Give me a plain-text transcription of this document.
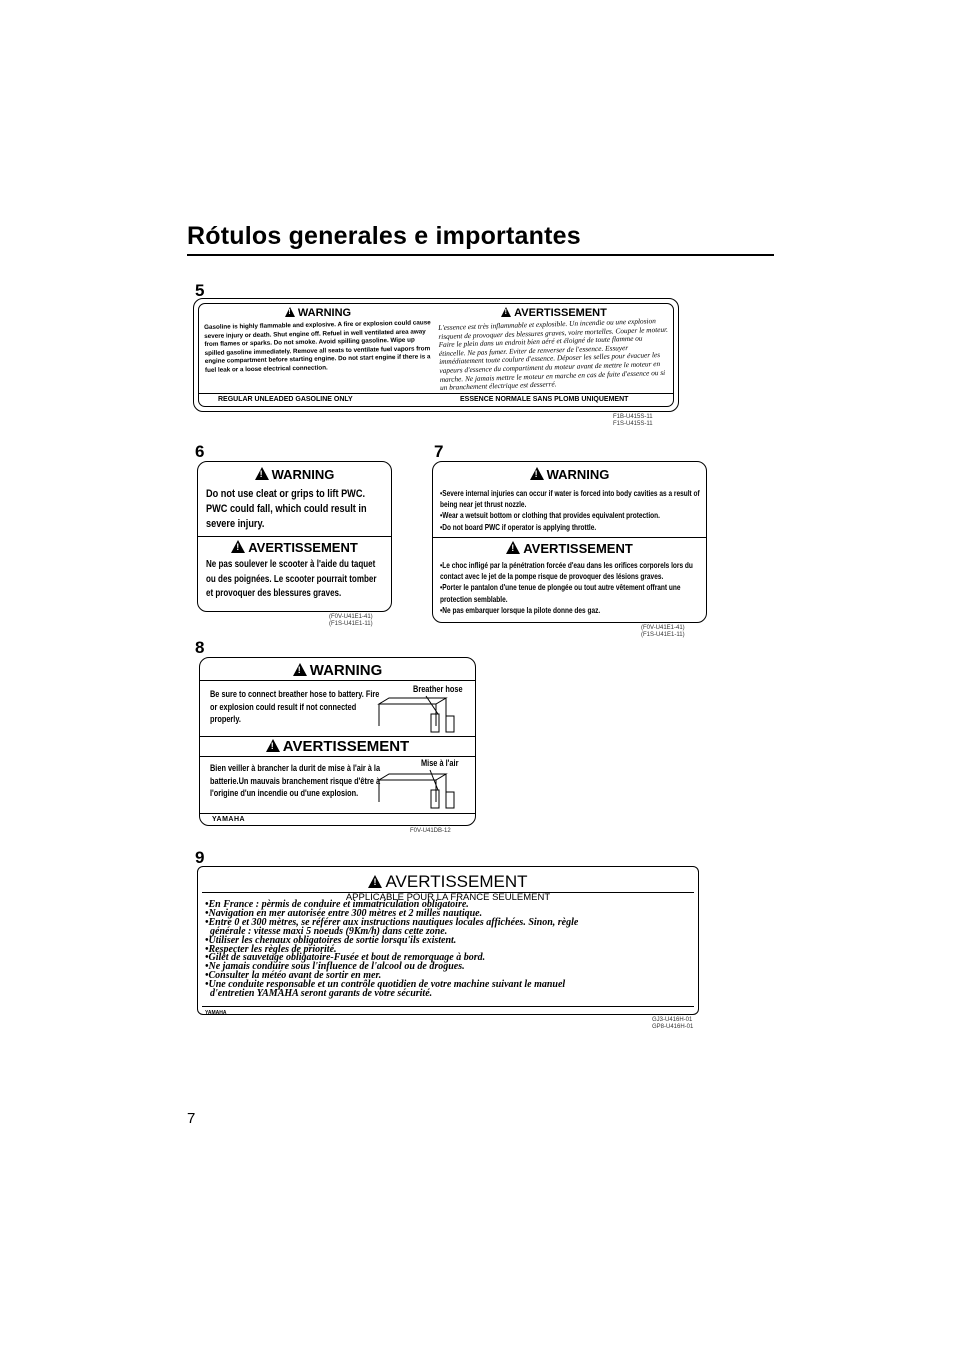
Rótulos generales e importantes
5
!WARNING
Gasoline is highly flammable and explosive. A fire or explosion could cause severe injury or death. Shut engine off. Refuel in well ventilated area away from flames or sparks. Do not smoke. Avoid spilling gasoline. Wipe up spilled gasoline immediately. Remove all seats to ventilate fuel vapors from engine compartment before starting engine. Do not start engine if there is a fuel leak or a loose electrical connection.
!AVERTISSEMENT
L'essence est très inflammable et explosible. Un incendie ou une explosion risquent de provoquer des blessures graves, voire mortelles. Couper le moteur. Faire le plein dans un endroit bien aéré et éloigné de toute flamme ou étincelle. Ne pas fumer. Eviter de renverser de l'essence. Essuyer immédiatement toute coulure d'essence. Déposer les selles pour évacuer les vapeurs d'essence du compartiment du moteur avant de mettre le moteur en marche. Ne jamais mettre le moteur en marche en cas de fuite d'essence ou si un branchement électrique est desserré.
REGULAR UNLEADED GASOLINE ONLY	ESSENCE NORMALE SANS PLOMB UNIQUEMENT
F1B-U415S-11
F1S-U415S-11
6
!WARNING
Do not use cleat or grips to lift PWC. PWC could fall, which could result in severe injury.
!AVERTISSEMENT
Ne pas soulever le scooter à l'aide du taquet ou des poignées. Le scooter pourrait tomber et provoquer des blessures graves.
(F0V-U41E1-41)
(F1S-U41E1-11)
7
!WARNING

•Severe internal injuries can occur if water is forced into body cavities as a result of being near jet thrust nozzle.

•Wear a wetsuit bottom or clothing that provides equivalent protection.

•Do not board PWC if operator is applying throttle.

!AVERTISSEMENT

•Le choc infligé par la pénétration forcée d'eau dans les orifices corporels lors du contact avec le jet de la pompe risque de provoquer des lésions graves.

•Porter le pantalon d'une tenue de plongée ou tout autre vêtement offrant une protection semblable.

•Ne pas embarquer lorsque la pilote donne des gaz.

(F0V-U41E1-41)
(F1S-U41E1-11)
8
!WARNING
Be sure to connect breather hose to battery. Fire or explosion could result if not connected properly.
Breather hose
!AVERTISSEMENT
Bien veiller à brancher la durit de mise à l'air à la batterie.Un mauvais branchement risque d'être à l'origine d'un incendie ou d'une explosion.
Mise à l'air
YAMAHA
F0V-U41DB-12
9
!AVERTISSEMENT
APPLICABLE POUR LA FRANCE SEULEMENT

•En France : pèrmis de conduire et immatriculation obligatoire.

•Navigation en mer autorisée entre 300 mètres et 2 milles nautique.

•Entre 0 et 300 mètres, se référer aux instructions nautiques locales affichées. Sinon, règle

générale : vitesse maxi 5 noeuds (9Km/h) dans cette zone.

•Utiliser les chenaux obligatoires de sortie lorsqu'ils existent.

•Respecter les règles de priorité.

•Gilet de sauvetage obligatoire-Fusée et bout de remorquage à bord.

•Ne jamais conduire sous l'influence de l'alcool ou de drogues.

•Consulter la météo avant de sortir en mer.

•Une conduite responsable et un contrôle quotidien de votre machine suivant le manuel

d'entretien YAMAHA seront garants de votre sécurité.

YAMAHA
GJ3-U416H-01
GP8-U416H-01
7
